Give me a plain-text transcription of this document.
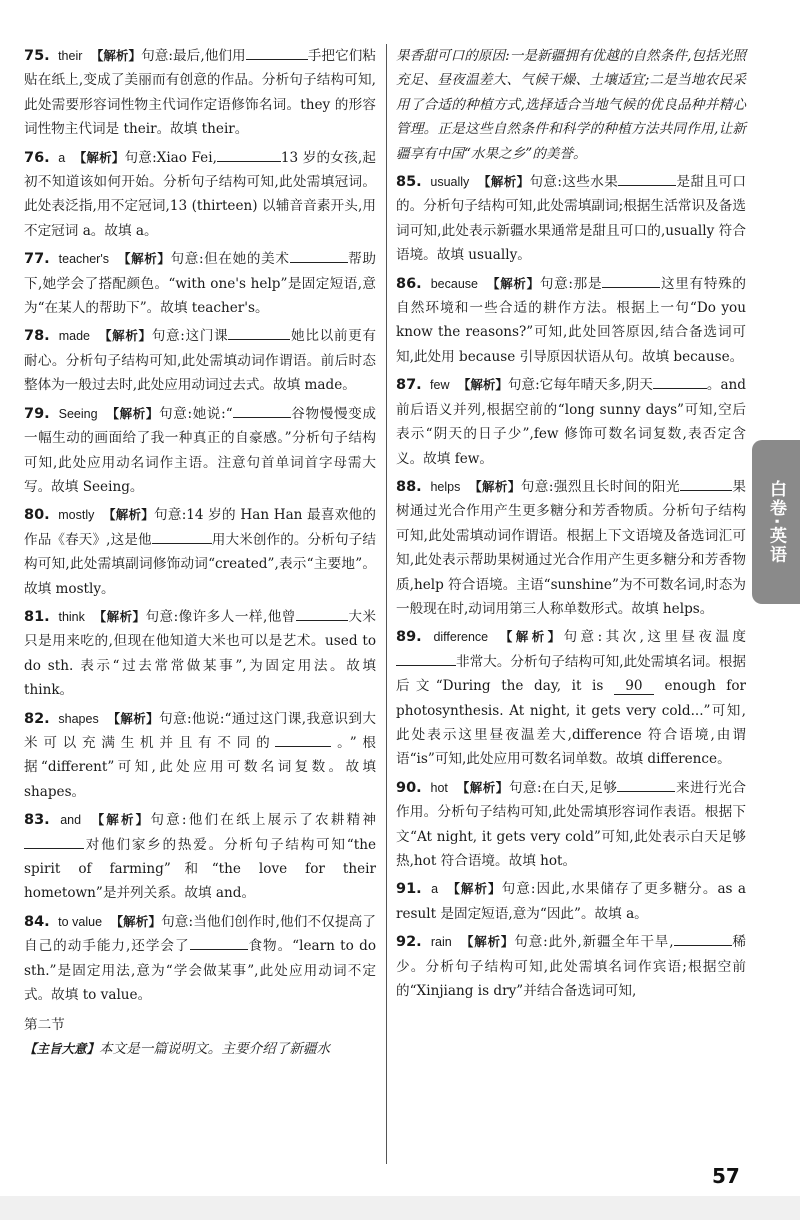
75. their 【解析】句意:最后,他们用	手把它们粘贴在纸上,变成了美丽而有创意的作品。分析句子结构可知,此处需要形容词性物主代词作定语修饰名词。they 的形容词性物主代词是 their。故填 their。
76. a 【解析】句意:Xiao Fei,	13 岁的女孩,起初不知道该如何开始。分析句子结构可知,此处需填冠词。此处表泛指,用不定冠词,13 (thirteen) 以辅音音素开头,用不定冠词 a。故填 a。
77. teacher's 【解析】句意:但在她的美术	帮助下,她学会了搭配颜色。“with one's help”是固定短语,意为“在某人的帮助下”。故填 teacher's。
78. made 【解析】句意:这门课	她比以前更有耐心。分析句子结构可知,此处需填动词作谓语。前后时态整体为一般过去时,此处应用动词过去式。故填 made。
79. Seeing 【解析】句意:她说:“	谷物慢慢变成一幅生动的画面给了我一种真正的自豪感。”分析句子结构可知,此处应用动名词作主语。注意句首单词首字母需大写。故填 Seeing。
80. mostly 【解析】句意:14 岁的 Han Han 最喜欢他的作品《春天》,这是他	用大米创作的。分析句子结构可知,此处需填副词修饰动词“created”,表示“主要地”。故填 mostly。
81. think 【解析】句意:像许多人一样,他曾	大米只是用来吃的,但现在他知道大米也可以是艺术。used to do sth. 表示“过去常常做某事”,为固定用法。故填 think。
82. shapes 【解析】句意:他说:“通过这门课,我意识到大米可以充满生机并且有不同的	。”根据“different”可知,此处应用可数名词复数。故填 shapes。
83. and 【解析】句意:他们在纸上展示了农耕精神对他们家乡的热爱。分析句子结构可知“the spirit of farming”和“the love for their hometown”是并列关系。故填 and。
84. to value 【解析】句意:当他们创作时,他们不仅提高了自己的动手能力,还学会了	食物。“learn to do sth.”是固定用法,意为“学会做某事”,此处应用动词不定式。故填 to value。
第二节
【主旨大意】本文是一篇说明文。主要介绍了新疆水
果香甜可口的原因:一是新疆拥有优越的自然条件,包括光照充足、昼夜温差大、气候干燥、土壤适宜;二是当地农民采用了合适的种植方式,选择适合当地气候的优良品种并精心管理。正是这些自然条件和科学的种植方法共同作用,让新疆享有中国“水果之乡”的美誉。
85. usually 【解析】句意:这些水果	是甜且可口的。分析句子结构可知,此处需填副词;根据生活常识及备选词可知,此处表示新疆水果通常是甜且可口的,usually 符合语境。故填 usually。
86. because 【解析】句意:那是	这里有特殊的自然环境和一些合适的耕作方法。根据上一句“Do you know the reasons?”可知,此处回答原因,结合备选词可知,此处用 because 引导原因状语从句。故填 because。
87. few 【解析】句意:它每年晴天多,阴天	。and 前后语义并列,根据空前的“long sunny days”可知,空后表示“阴天的日子少”,few 修饰可数名词复数,表否定含义。故填 few。
88. helps 【解析】句意:强烈且长时间的阳光	果树通过光合作用产生更多糖分和芳香物质。分析句子结构可知,此处需填动词作谓语。根据上下文语境及备选词汇可知,此处表示帮助果树通过光合作用产生更多糖分和芳香物质,help 符合语境。主语“sunshine”为不可数名词,时态为一般现在时,动词用第三人称单数形式。故填 helps。
89. difference 【解析】句意:其次,这里昼夜温度非常大。分析句子结构可知,此处需填名词。根据后文“During the day, it is 90 enough for photosynthesis. At night, it gets very cold...”可知,此处表示这里昼夜温差大,difference 符合语境,由谓语“is”可知,此处应用可数名词单数。故填 difference。
90. hot 【解析】句意:在白天,足够	来进行光合作用。分析句子结构可知,此处需填形容词作表语。根据下文“At night, it gets very cold”可知,此处表示白天足够热,hot 符合语境。故填 hot。
91. a 【解析】句意:因此,水果储存了更多糖分。as a result 是固定短语,意为“因此”。故填 a。
92. rain 【解析】句意:此外,新疆全年干旱,	稀少。分析句子结构可知,此处需填名词作宾语;根据空前的“Xinjiang is dry”并结合备选词可知,
白卷·英语
57
